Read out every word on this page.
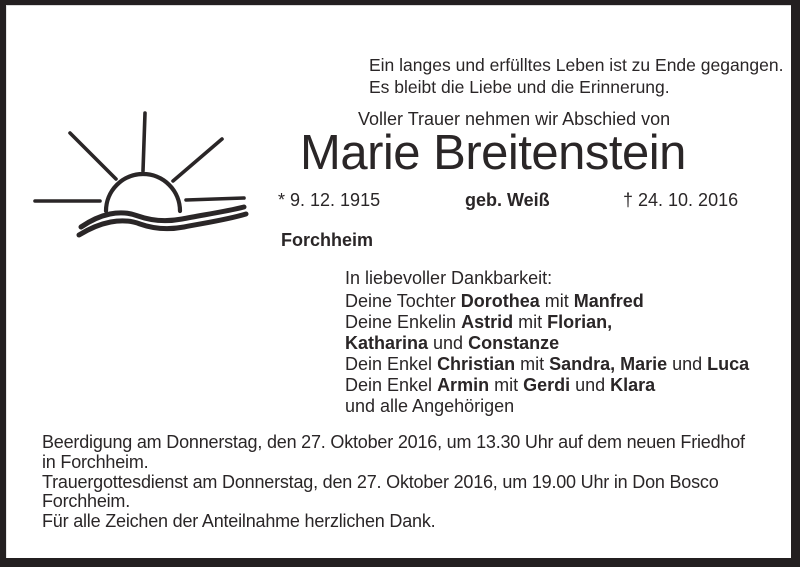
Ein langes und erfülltes Leben ist zu Ende gegangen.
Es bleibt die Liebe und die Erinnerung.
Voller Trauer nehmen wir Abschied von
Marie Breitenstein
* 9. 12. 1915	geb. Weiß	† 24. 10. 2016
Forchheim
In liebevoller Dankbarkeit:
Deine Tochter Dorothea mit Manfred
Deine Enkelin Astrid mit Florian,
Katharina und Constanze
Dein Enkel Christian mit Sandra, Marie und Luca
Dein Enkel Armin mit Gerdi und Klara
und alle Angehörigen
Beerdigung am Donnerstag, den 27. Oktober 2016, um 13.30 Uhr auf dem neuen Friedhof
in Forchheim.
Trauergottesdienst am Donnerstag, den 27. Oktober 2016, um 19.00 Uhr in Don Bosco
Forchheim.
Für alle Zeichen der Anteilnahme herzlichen Dank.
